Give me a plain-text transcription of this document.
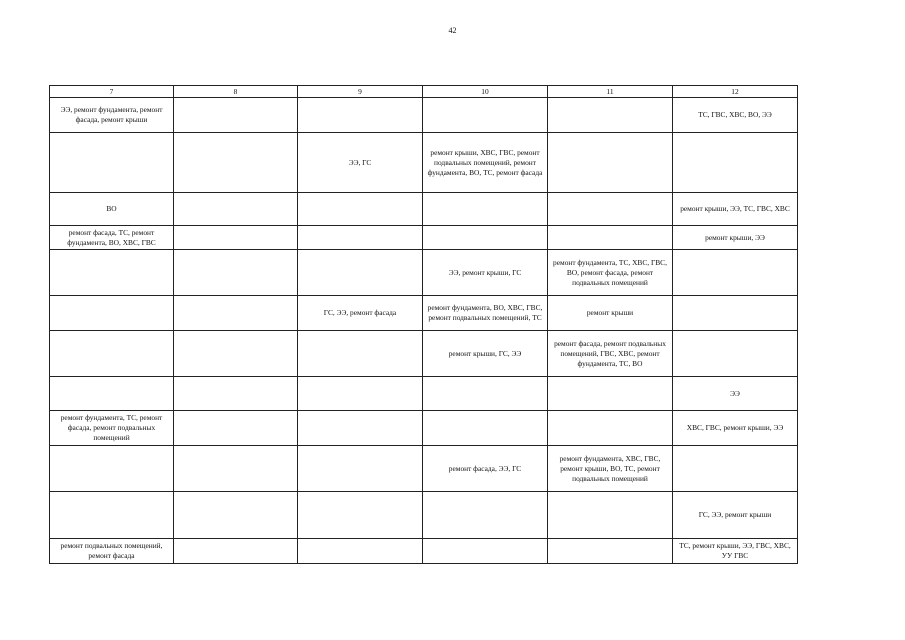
42
7	8	9	10	11	12
ЭЭ, ремонт фундамента, ремонт фасада, ремонт крыши					ТС, ГВС, ХВС, ВО, ЭЭ
		ЭЭ, ГС	ремонт крыши, ХВС, ГВС, ремонт подвальных помещений, ремонт фундамента, ВО, ТС, ремонт фасада		
ВО					ремонт крыши, ЭЭ, ТС, ГВС, ХВС
ремонт фасада, ТС, ремонт фундамента, ВО, ХВС, ГВС					ремонт крыши, ЭЭ
			ЭЭ, ремонт крыши, ГС	ремонт фундамента, ТС, ХВС, ГВС, ВО, ремонт фасада, ремонт подвальных помещений	
		ГС, ЭЭ, ремонт фасада	ремонт фундамента, ВО, ХВС, ГВС, ремонт подвальных помещений, ТС	ремонт крыши	
			ремонт крыши, ГС, ЭЭ	ремонт фасада, ремонт подвальных помещений, ГВС, ХВС, ремонт фундамента, ТС, ВО	
					ЭЭ
ремонт фундамента, ТС, ремонт фасада, ремонт подвальных помещений					ХВС, ГВС, ремонт крыши, ЭЭ
			ремонт фасада, ЭЭ, ГС	ремонт фундамента, ХВС, ГВС, ремонт крыши, ВО, ТС, ремонт подвальных помещений	
					ГС, ЭЭ, ремонт крыши
ремонт подвальных помещений, ремонт фасада					ТС, ремонт крыши, ЭЭ, ГВС, ХВС, УУ ГВС
